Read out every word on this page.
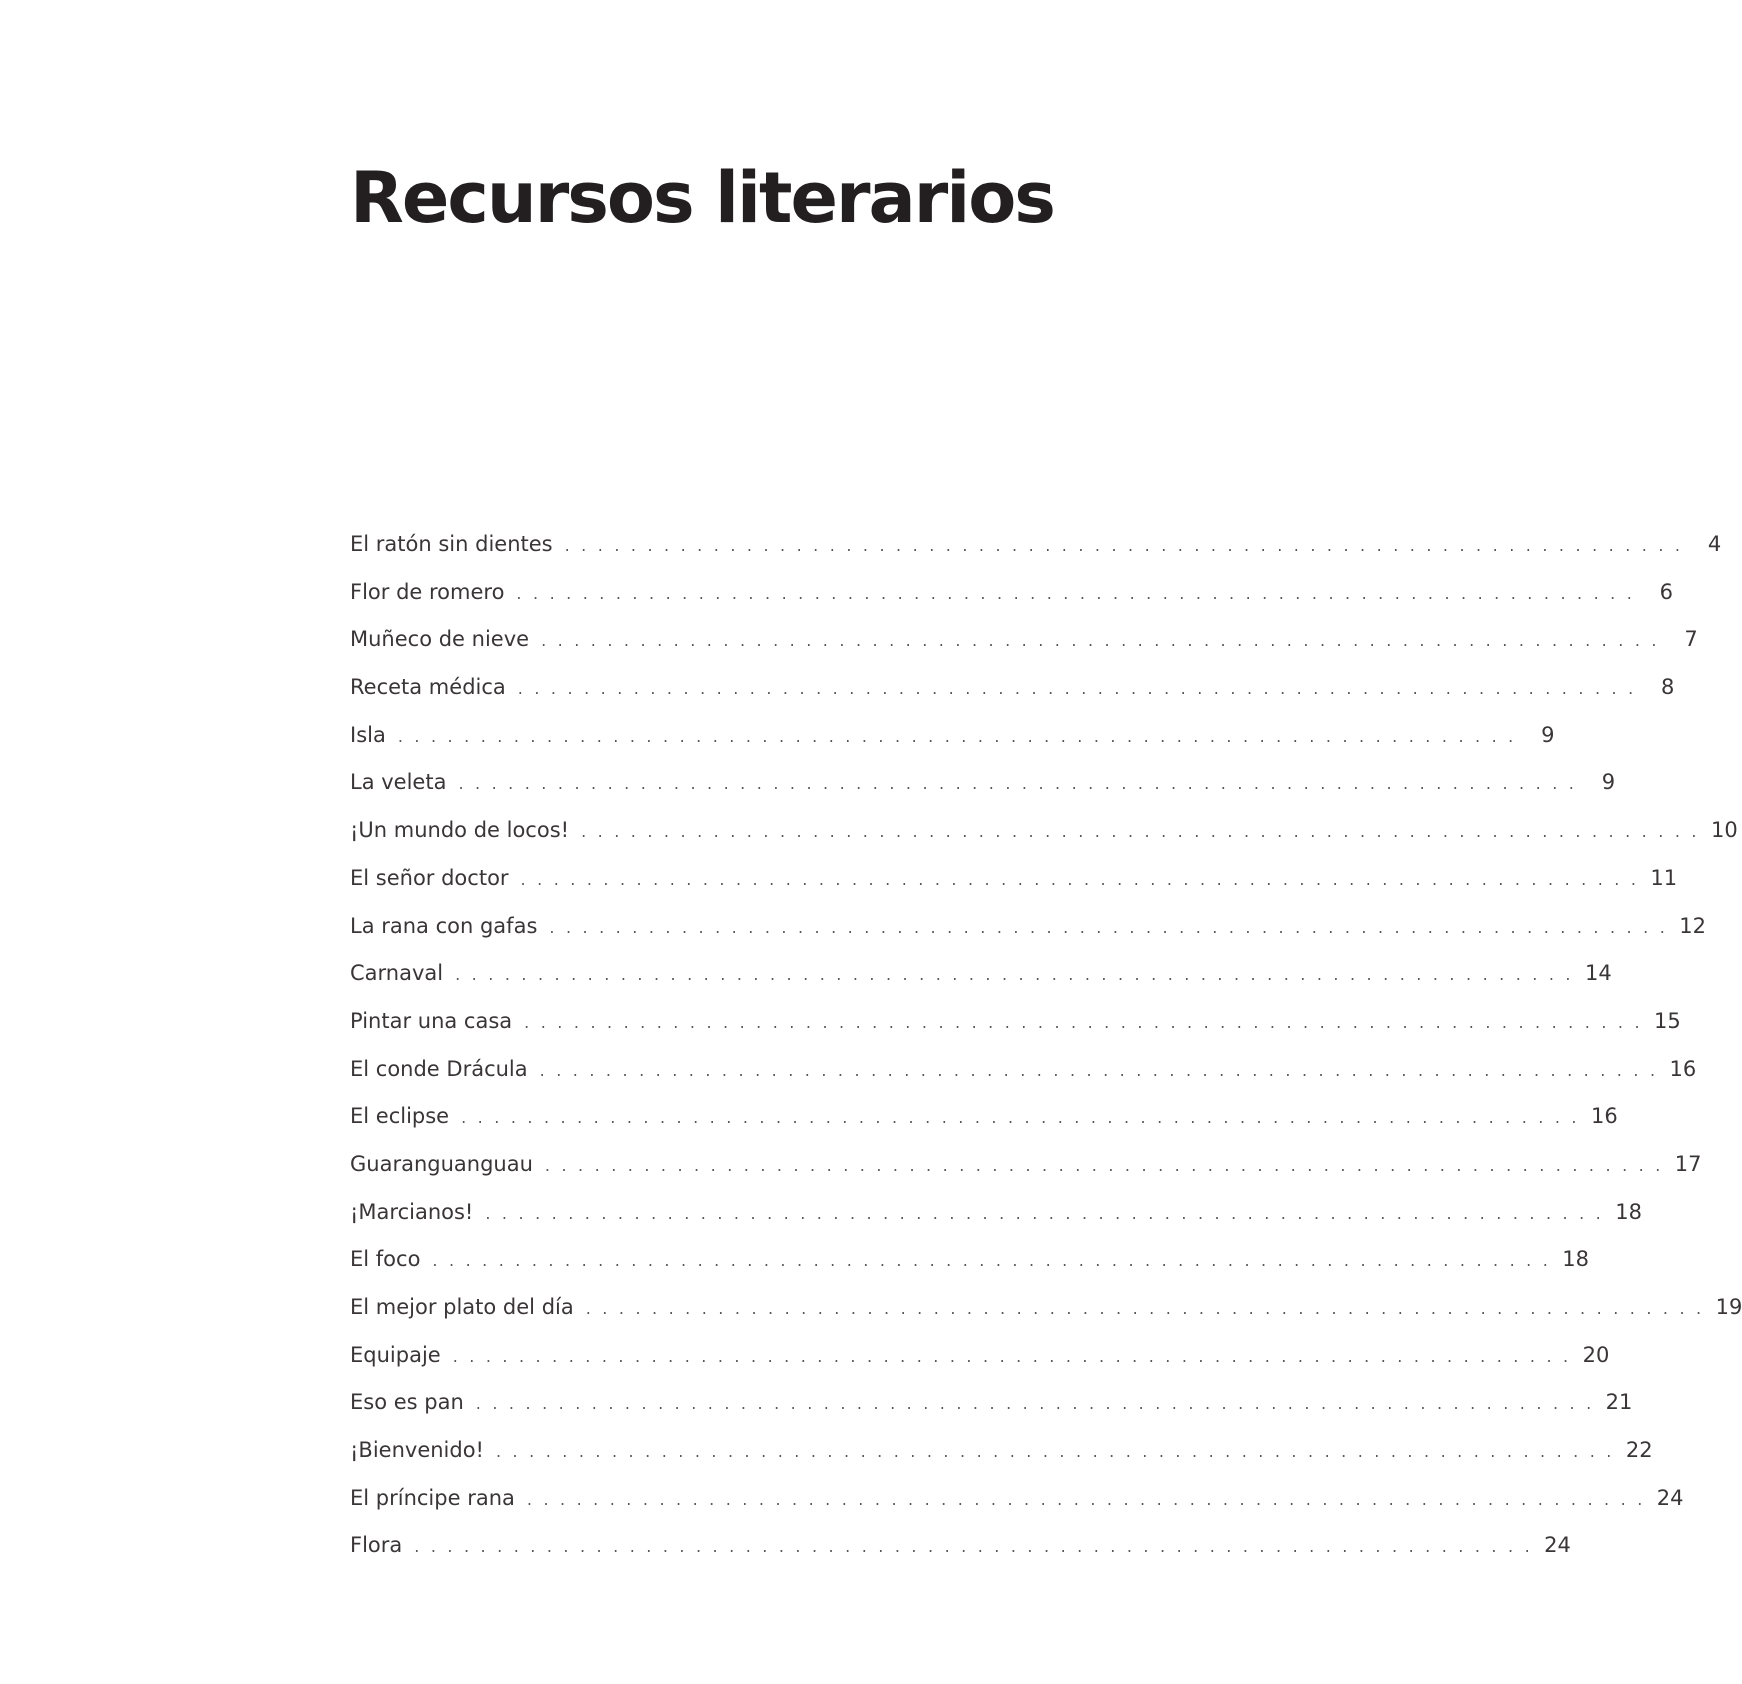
Recursos literarios
El ratón sin dientes . . . . . . . . . . . . . . . . . . . . . . . . . . . . . . . . . . . . . . . . . . . . . . . . . . . . . . . . . . . . . . . . . . . .	4
Flor de romero . . . . . . . . . . . . . . . . . . . . . . . . . . . . . . . . . . . . . . . . . . . . . . . . . . . . . . . . . . . . . . . . . . . .	6
Muñeco de nieve . . . . . . . . . . . . . . . . . . . . . . . . . . . . . . . . . . . . . . . . . . . . . . . . . . . . . . . . . . . . . . . . . . . .	7
Receta médica . . . . . . . . . . . . . . . . . . . . . . . . . . . . . . . . . . . . . . . . . . . . . . . . . . . . . . . . . . . . . . . . . . . .	8
Isla . . . . . . . . . . . . . . . . . . . . . . . . . . . . . . . . . . . . . . . . . . . . . . . . . . . . . . . . . . . . . . . . . . . .	9
La veleta . . . . . . . . . . . . . . . . . . . . . . . . . . . . . . . . . . . . . . . . . . . . . . . . . . . . . . . . . . . . . . . . . . . .	9
¡Un mundo de locos! . . . . . . . . . . . . . . . . . . . . . . . . . . . . . . . . . . . . . . . . . . . . . . . . . . . . . . . . . . . . . . . . . . . . 10
El señor doctor . . . . . . . . . . . . . . . . . . . . . . . . . . . . . . . . . . . . . . . . . . . . . . . . . . . . . . . . . . . . . . . . . . . . 11
La rana con gafas . . . . . . . . . . . . . . . . . . . . . . . . . . . . . . . . . . . . . . . . . . . . . . . . . . . . . . . . . . . . . . . . . . . . 12
Carnaval . . . . . . . . . . . . . . . . . . . . . . . . . . . . . . . . . . . . . . . . . . . . . . . . . . . . . . . . . . . . . . . . . . . . 14
Pintar una casa . . . . . . . . . . . . . . . . . . . . . . . . . . . . . . . . . . . . . . . . . . . . . . . . . . . . . . . . . . . . . . . . . . . . 15
El conde Drácula . . . . . . . . . . . . . . . . . . . . . . . . . . . . . . . . . . . . . . . . . . . . . . . . . . . . . . . . . . . . . . . . . . . . 16
El eclipse . . . . . . . . . . . . . . . . . . . . . . . . . . . . . . . . . . . . . . . . . . . . . . . . . . . . . . . . . . . . . . . . . . . . 16
Guaranguanguau . . . . . . . . . . . . . . . . . . . . . . . . . . . . . . . . . . . . . . . . . . . . . . . . . . . . . . . . . . . . . . . . . . . . 17
¡Marcianos! . . . . . . . . . . . . . . . . . . . . . . . . . . . . . . . . . . . . . . . . . . . . . . . . . . . . . . . . . . . . . . . . . . . . 18
El foco . . . . . . . . . . . . . . . . . . . . . . . . . . . . . . . . . . . . . . . . . . . . . . . . . . . . . . . . . . . . . . . . . . . . 18
El mejor plato del día . . . . . . . . . . . . . . . . . . . . . . . . . . . . . . . . . . . . . . . . . . . . . . . . . . . . . . . . . . . . . . . . . . . . 19
Equipaje . . . . . . . . . . . . . . . . . . . . . . . . . . . . . . . . . . . . . . . . . . . . . . . . . . . . . . . . . . . . . . . . . . . . 20
Eso es pan . . . . . . . . . . . . . . . . . . . . . . . . . . . . . . . . . . . . . . . . . . . . . . . . . . . . . . . . . . . . . . . . . . . . 21
¡Bienvenido! . . . . . . . . . . . . . . . . . . . . . . . . . . . . . . . . . . . . . . . . . . . . . . . . . . . . . . . . . . . . . . . . . . . . 22
El príncipe rana . . . . . . . . . . . . . . . . . . . . . . . . . . . . . . . . . . . . . . . . . . . . . . . . . . . . . . . . . . . . . . . . . . . . 24
Flora . . . . . . . . . . . . . . . . . . . . . . . . . . . . . . . . . . . . . . . . . . . . . . . . . . . . . . . . . . . . . . . . . . . . 24
